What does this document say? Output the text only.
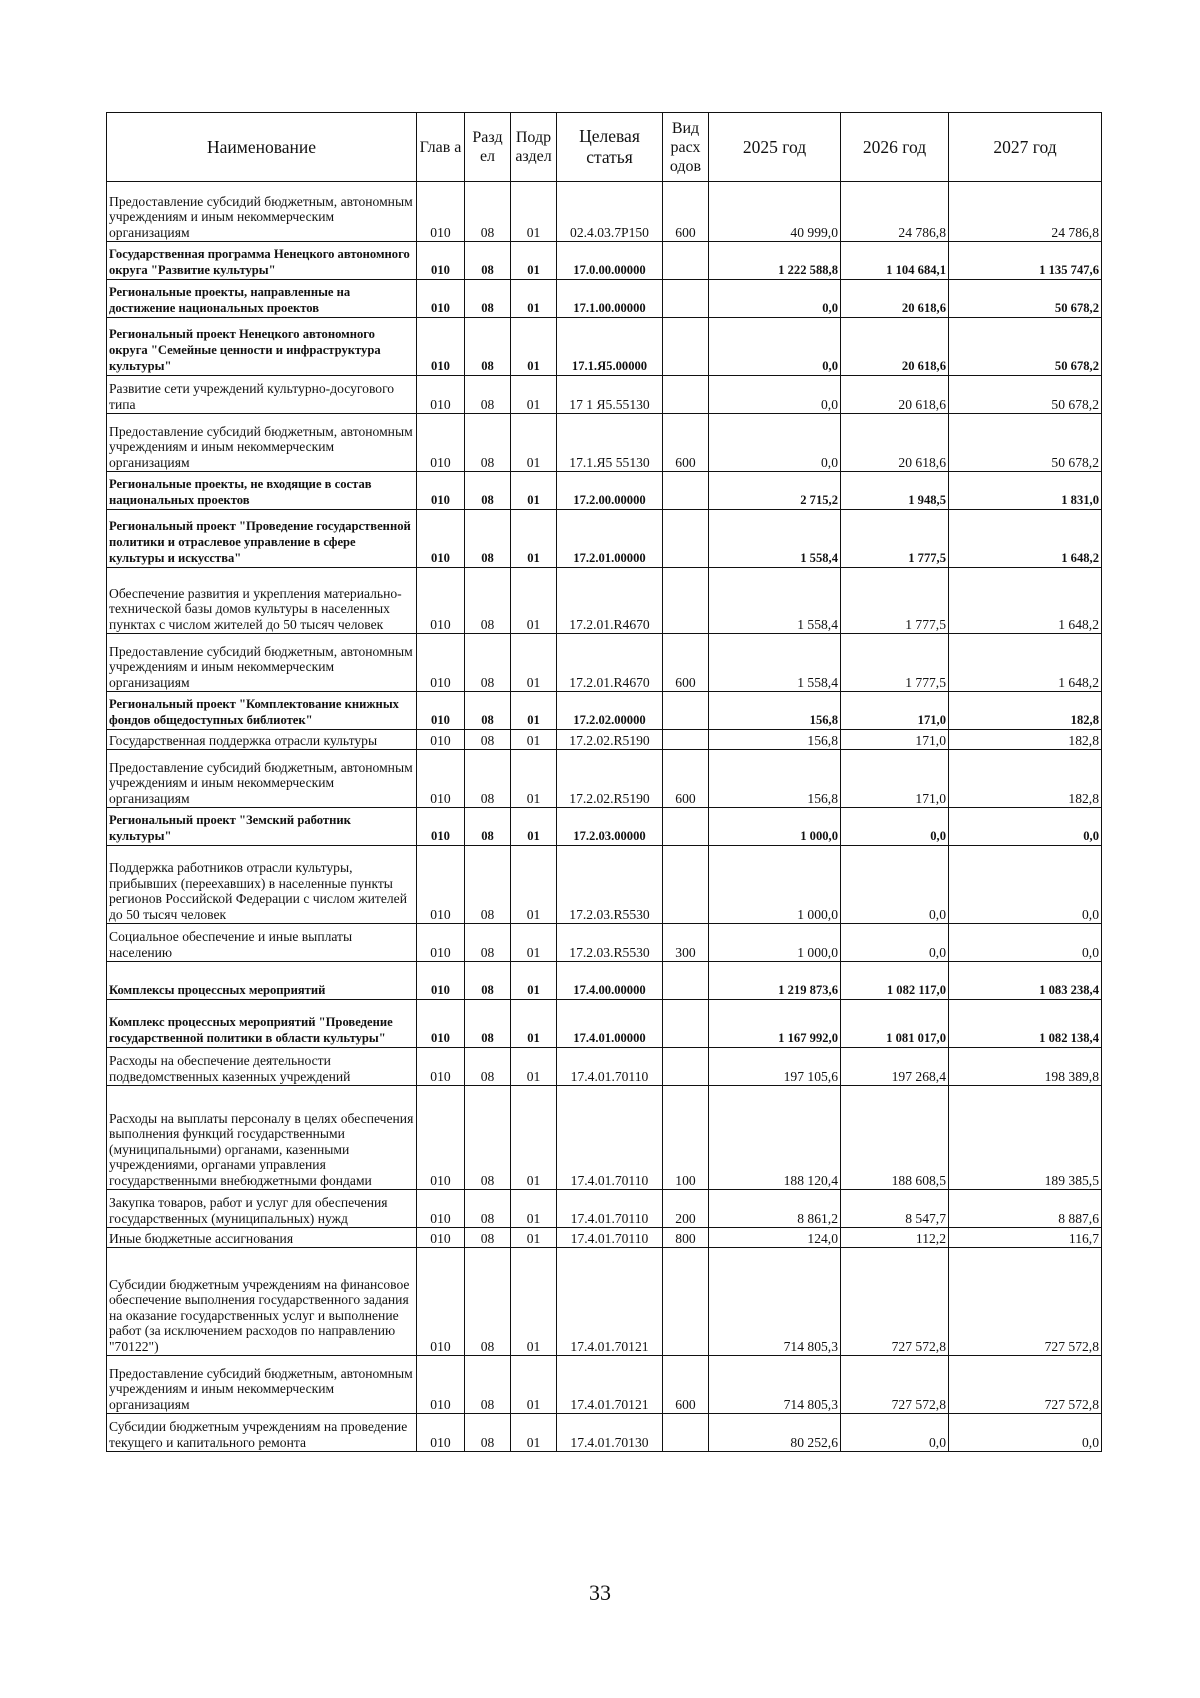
Наименование	Глав а	Разд ел	Подр аздел	Целевая статья	Вид расх одов	2025 год	2026 год	2027 год
Предоставление субсидий бюджетным, автономным учреждениям и иным некоммерческим организациям	010	08	01	02.4.03.7Р150	600	40 999,0	24 786,8	24 786,8
Государственная программа Ненецкого автономного округа "Развитие культуры"	010	08	01	17.0.00.00000		1 222 588,8	1 104 684,1	1 135 747,6
Региональные проекты, направленные на достижение национальных проектов	010	08	01	17.1.00.00000		0,0	20 618,6	50 678,2
Региональный проект Ненецкого автономного округа "Семейные ценности и инфраструктура культуры"	010	08	01	17.1.Я5.00000		0,0	20 618,6	50 678,2
Развитие сети учреждений культурно-досугового типа	010	08	01	17 1 Я5.55130		0,0	20 618,6	50 678,2
Предоставление субсидий бюджетным, автономным учреждениям и иным некоммерческим организациям	010	08	01	17.1.Я5 55130	600	0,0	20 618,6	50 678,2
Региональные проекты, не входящие в состав национальных проектов	010	08	01	17.2.00.00000		2 715,2	1 948,5	1 831,0
Региональный проект "Проведение государственной политики и отраслевое управление в сфере культуры и искусства"	010	08	01	17.2.01.00000		1 558,4	1 777,5	1 648,2
Обеспечение развития и укрепления материально-технической базы домов культуры в населенных пунктах с числом жителей до 50 тысяч человек	010	08	01	17.2.01.R4670		1 558,4	1 777,5	1 648,2
Предоставление субсидий бюджетным, автономным учреждениям и иным некоммерческим организациям	010	08	01	17.2.01.R4670	600	1 558,4	1 777,5	1 648,2
Региональный проект "Комплектование книжных фондов общедоступных библиотек"	010	08	01	17.2.02.00000		156,8	171,0	182,8
Государственная поддержка отрасли культуры	010	08	01	17.2.02.R5190		156,8	171,0	182,8
Предоставление субсидий бюджетным, автономным учреждениям и иным некоммерческим организациям	010	08	01	17.2.02.R5190	600	156,8	171,0	182,8
Региональный проект "Земский работник культуры"	010	08	01	17.2.03.00000		1 000,0	0,0	0,0
Поддержка работников отрасли культуры, прибывших (переехавших) в населенные пункты регионов Российской Федерации с числом жителей до 50 тысяч человек	010	08	01	17.2.03.R5530		1 000,0	0,0	0,0
Социальное обеспечение и иные выплаты населению	010	08	01	17.2.03.R5530	300	1 000,0	0,0	0,0
Комплексы процессных мероприятий	010	08	01	17.4.00.00000		1 219 873,6	1 082 117,0	1 083 238,4
Комплекс процессных мероприятий "Проведение государственной политики в области культуры"	010	08	01	17.4.01.00000		1 167 992,0	1 081 017,0	1 082 138,4
Расходы на обеспечение деятельности подведомственных казенных учреждений	010	08	01	17.4.01.70110		197 105,6	197 268,4	198 389,8
Расходы на выплаты персоналу в целях обеспечения выполнения функций государственными (муниципальными) органами, казенными учреждениями, органами управления государственными внебюджетными фондами	010	08	01	17.4.01.70110	100	188 120,4	188 608,5	189 385,5
Закупка товаров, работ и услуг для обеспечения государственных (муниципальных) нужд	010	08	01	17.4.01.70110	200	8 861,2	8 547,7	8 887,6
Иные бюджетные ассигнования	010	08	01	17.4.01.70110	800	124,0	112,2	116,7
Субсидии бюджетным учреждениям на финансовое обеспечение выполнения государственного задания на оказание государственных услуг и выполнение работ (за исключением расходов по направлению "70122")	010	08	01	17.4.01.70121		714 805,3	727 572,8	727 572,8
Предоставление субсидий бюджетным, автономным учреждениям и иным некоммерческим организациям	010	08	01	17.4.01.70121	600	714 805,3	727 572,8	727 572,8
Субсидии бюджетным учреждениям на проведение текущего и капитального ремонта	010	08	01	17.4.01.70130		80 252,6	0,0	0,0
33
